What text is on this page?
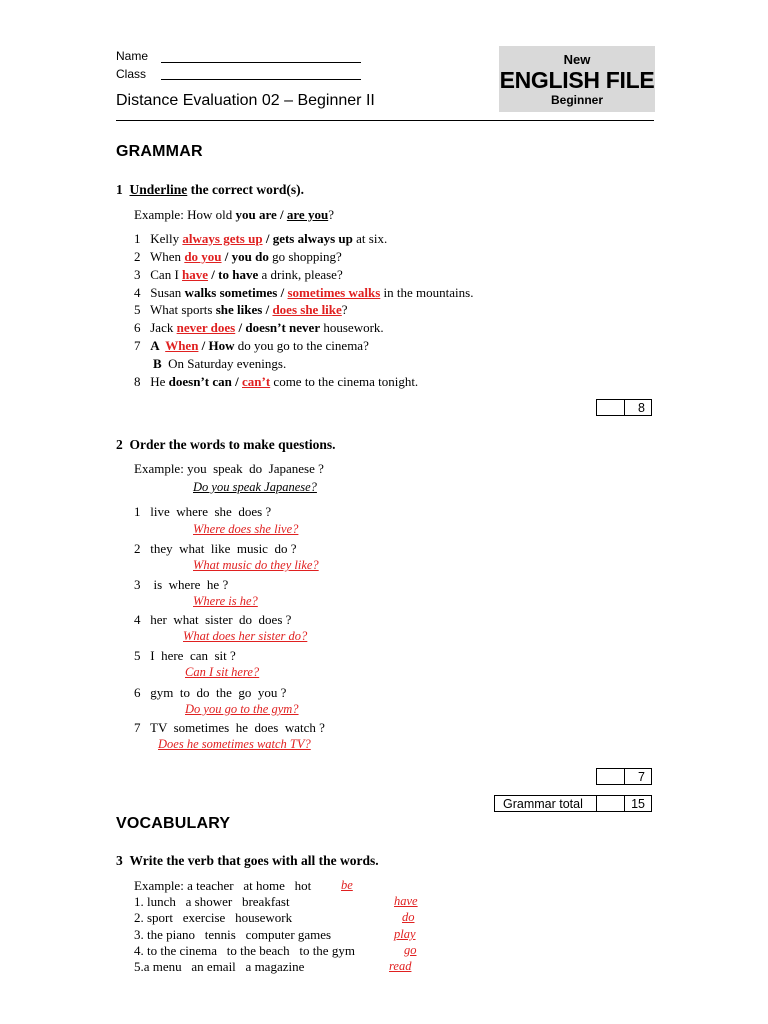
Name
Class
Distance Evaluation 02 – Beginner II
New
ENGLISH FILE
Beginner
GRAMMAR
1 Underline the correct word(s).
Example: How old you are / are you?
1 Kelly always gets up / gets always up at six.
2 When do you / you do go shopping?
3 Can I have / to have a drink, please?
4 Susan walks sometimes / sometimes walks in the mountains.
5 What sports she likes / does she like?
6 Jack never does / doesn’t never housework.
7 A  When / How do you go to the cinema?
B  On Saturday evenings.
8 He doesn’t can / can’t come to the cinema tonight.
8
2 Order the words to make questions.
Example: you  speak  do  Japanese ?
Do you speak Japanese?
1 live  where  she  does ?
Where does she live?
2 they  what  like  music  do ?
What music do they like?
3    is  where  he ?
Where is he?
4 her  what  sister  do  does ?
What does her sister do?
5 I  here  can  sit ?
Can I sit here?
6 gym  to  do  the  go  you ?
Do you go to the gym?
7 TV  sometimes  he  does  watch ?
Does he sometimes watch TV?
7
Grammar total	15
VOCABULARY
3 Write the verb that goes with all the words.
Example: a teacher   at home   hot be
1. lunch   a shower   breakfast	have
2. sport   exercise   housework	do
3. the piano   tennis   computer games	play
4. to the cinema   to the beach   to the gym	go
5.a menu   an email   a magazine	read
